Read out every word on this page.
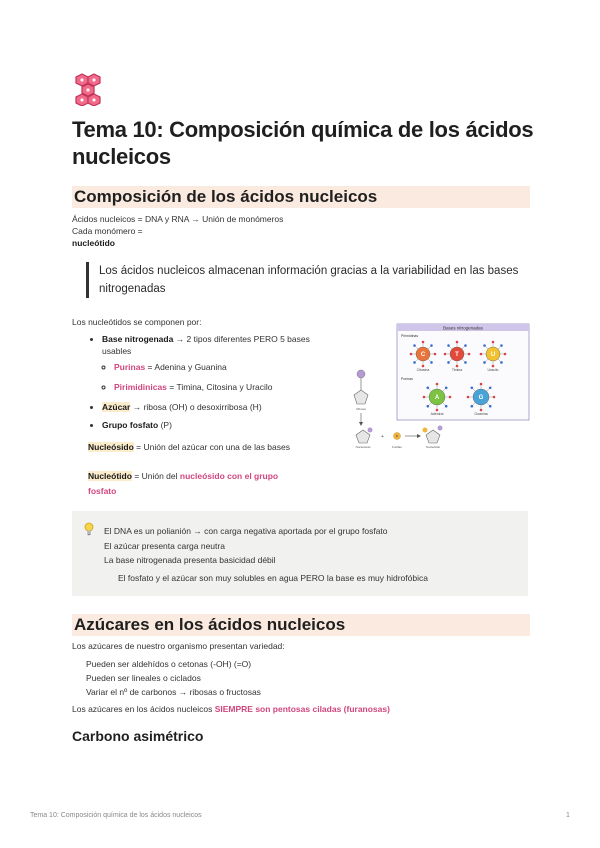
Tema 10: Composición química de los ácidos nucleicos
Composición de los ácidos nucleicos
Ácidos nucleicos = DNA y RNA → Unión de monómeros
Cada monómero =
nucleótido
Los ácidos nucleicos almacenan información gracias a la variabilidad en las bases nitrogenadas
Los nucleótidos se componen por:
• Base nitrogenada → 2 tipos diferentes PERO 5 bases usables
◦ Purinas = Adenina y Guanina
◦ Pirimidinicas = Timina, Citosina y Uracilo
• Azúcar → ribosa (OH) o desoxirribosa (H)
• Grupo fosfato (P)
Nucleósido = Unión del azúcar con una de las bases
Nucleótido = Unión del nucleósido con el grupo fosfato
Bases nitrogenadas
Pirimidinas
Purinas
C
Citosina
T
Timina
U
Uracilo
A
Adenina
G
Guanina
Ribosa
Nucleósido
+	P
Fosfato	Nucleótido
El DNA es un polianión → con carga negativa aportada por el grupo fosfato
El azúcar presenta carga neutra
La base nitrogenada presenta basicidad débil
El fosfato y el azúcar son muy solubles en agua PERO la base es muy hidrofóbica
Azúcares en los ácidos nucleicos
Los azúcares de nuestro organismo presentan variedad:
Pueden ser aldehídos o cetonas (-OH) (=O)
Pueden ser lineales o ciclados
Variar el nº de carbonos → ribosas o fructosas
Los azúcares en los ácidos nucleicos SIEMPRE son pentosas ciladas (furanosas)
Carbono asimétrico
Tema 10: Composición química de los ácidos nucleicos	1
